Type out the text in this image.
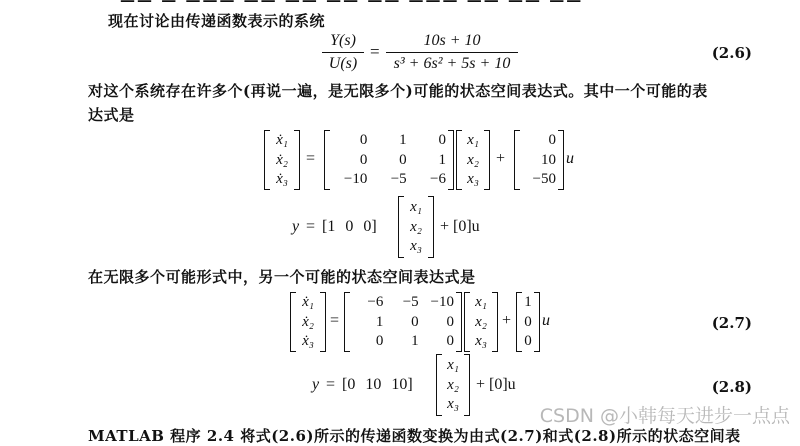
现在讨论由传递函数表示的系统
Y(s)
U(s)
=
10s + 10
s³ + 6s² + 5s + 10
(2.6)
对这个系统存在许多个(再说一遍，是无限多个)可能的状态空间表达式。其中一个可能的表
达式是
ẋ₁
ẋ₂
ẋ₃
=
0	1	0
0	0	1
−10	−5	−6
x₁
x₂
x₃
+
0
10
−50
u
y = [1 0 0]
x₁
x₂
x₃
+ [0]u
在无限多个可能形式中，另一个可能的状态空间表达式是
ẋ₁
ẋ₂
ẋ₃
=
−6	−5 −10
1	0	0
0	1	0
x₁
x₂
x₃
+
1
0
0
u	(2.7)
y = [0 10 10]
x₁
x₂
x₃
+ [0]u	(2.8)
MATLAB 程序 2.4 将式(2.6)所示的传递函数变换为由式(2.7)和式(2.8)所示的状态空间表
CSDN @小韩每天进步一点点
